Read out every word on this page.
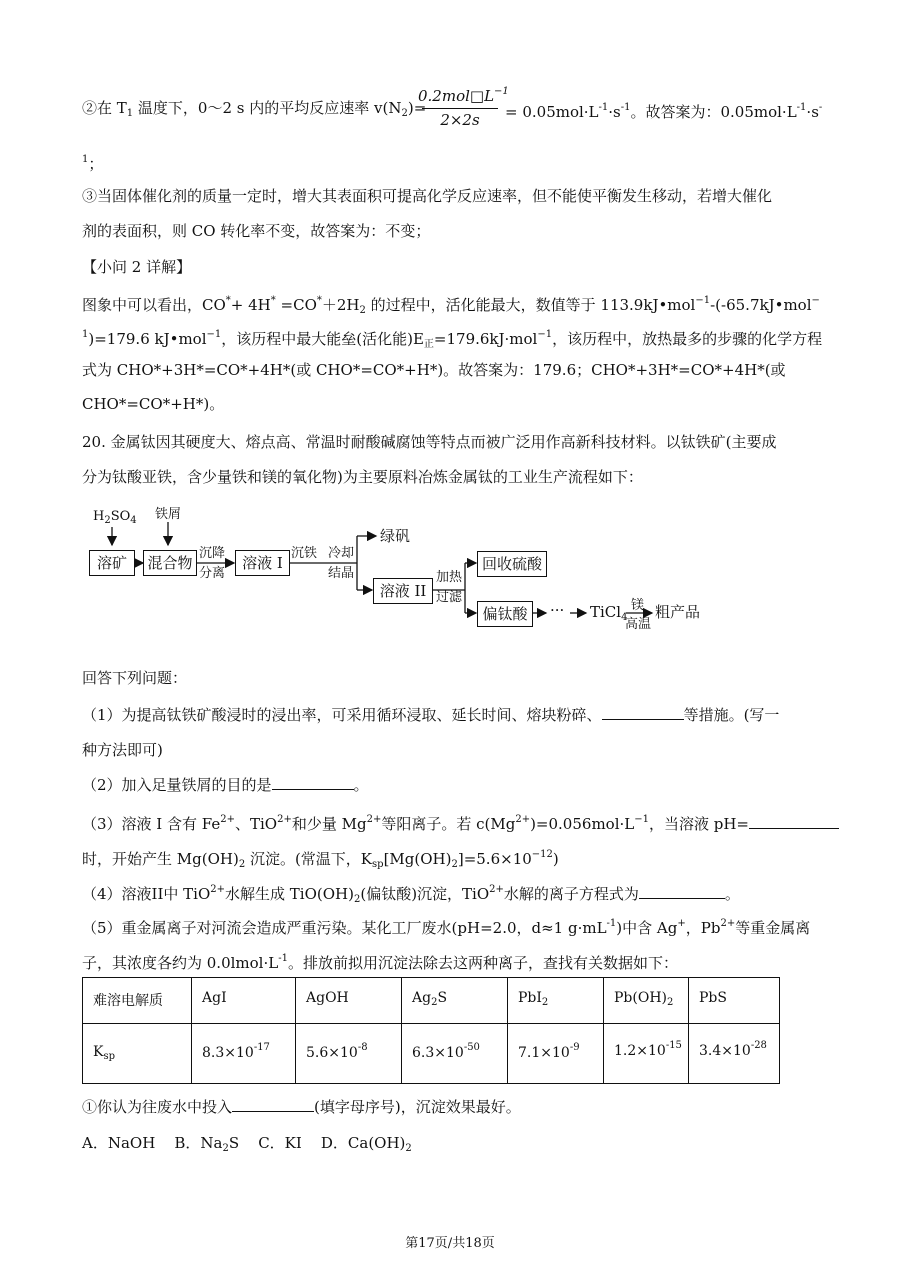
②在 $T_1$ 温度下，0～2 s 内的平均反应速率 $v(N_2)=$
$0.2mol□L^{-1}$
2×2s	= $0.05mol\cdot L^{-1}\cdot s^{-1}$。故答案为：$0.05mol\cdot L^{-1}\cdot s^-$
$^1$；
③当固体催化剂的质量一定时，增大其表面积可提高化学反应速率，但不能使平衡发生移动，若增大催化
剂的表面积，则 CO 转化率不变，故答案为：不变；
【小问 2 详解】
图象中可以看出，$CO^*+ 4H^* =CO^*+2H_2$ 的过程中，活化能最大，数值等于 113.9kJ•mol$^{-1}$-(-65.7kJ•mol−
$^1$)=179.6 kJ•mol$^{-1}$，该历程中最大能垒(活化能)$E_正=179.6kJ\cdot mol^{-1}$，该历程中，放热最多的步骤的化学方程
式为 CHO*+3H*=CO*+4H*(或 CHO*=CO*+H*)。故答案为：179.6；CHO*+3H*=CO*+4H*(或
CHO*=CO*+H*)。
20. 金属钛因其硬度大、熔点高、常温时耐酸碱腐蚀等特点而被广泛用作高新科技材料。以钛铁矿(主要成
分为钛酸亚铁，含少量铁和镁的氧化物)为主要原料冶炼金属钛的工业生产流程如下：
$H_2SO_4$ 铁屑
溶矿	混合物
沉降
分离
溶液 I
沉铁 冷却
结晶
绿矾
溶液 II
加热
过滤
回收硫酸
偏钛酸	··· TiCl$_4$
镁
高温
粗产品
回答下列问题：
（1）为提高钛铁矿酸浸时的浸出率，可采用循环浸取、延长时间、熔块粉碎、	等措施。(写一
种方法即可)
（2）加入足量铁屑的目的是	。
（3）溶液 I 含有 $Fe^{2+}$、TiO$^{2+}$和少量 $Mg^{2+}$等阳离子。若 $c(Mg^{2+})=0.056mol\cdot L^{-1}$，当溶液 pH=
时，开始产生 $Mg(OH)_2$ 沉淀。(常温下，$K_{sp}[Mg(OH)_2]=5.6\times 10^{-12}$)
（4）溶液II中 TiO$^{2+}$水解生成 $TiO(OH)_2$(偏钛酸)沉淀，TiO$^{2+}$水解的离子方程式为	。
（5）重金属离子对河流会造成严重污染。某化工厂废水(pH=2.0，d≈1 $g\cdot mL^{-1}$)中含 Ag+，$Pb^{2+}$等重金属离
子，其浓度各约为 $0.0lmol\cdot L^{-1}$。排放前拟用沉淀法除去这两种离子，查找有关数据如下：
难溶电解质	AgI	AgOH	$Ag_2S$	PbI$_2$	$Pb(OH)_2$	PbS
$K_{sp}$	$8.3\times 10^{-17}$	$5.6\times 10^{-8}$	$6.3\times 10^{-50}$	$7.1\times 10^{-9}$	$1.2\times 10^{-15}$	$3.4\times 10^{-28}$
①你认为往废水中投入	(填字母序号)，沉淀效果最好。
A．NaOH B．$Na_2S$ C．KI D．$Ca(OH)_2$
第17页/共18页
